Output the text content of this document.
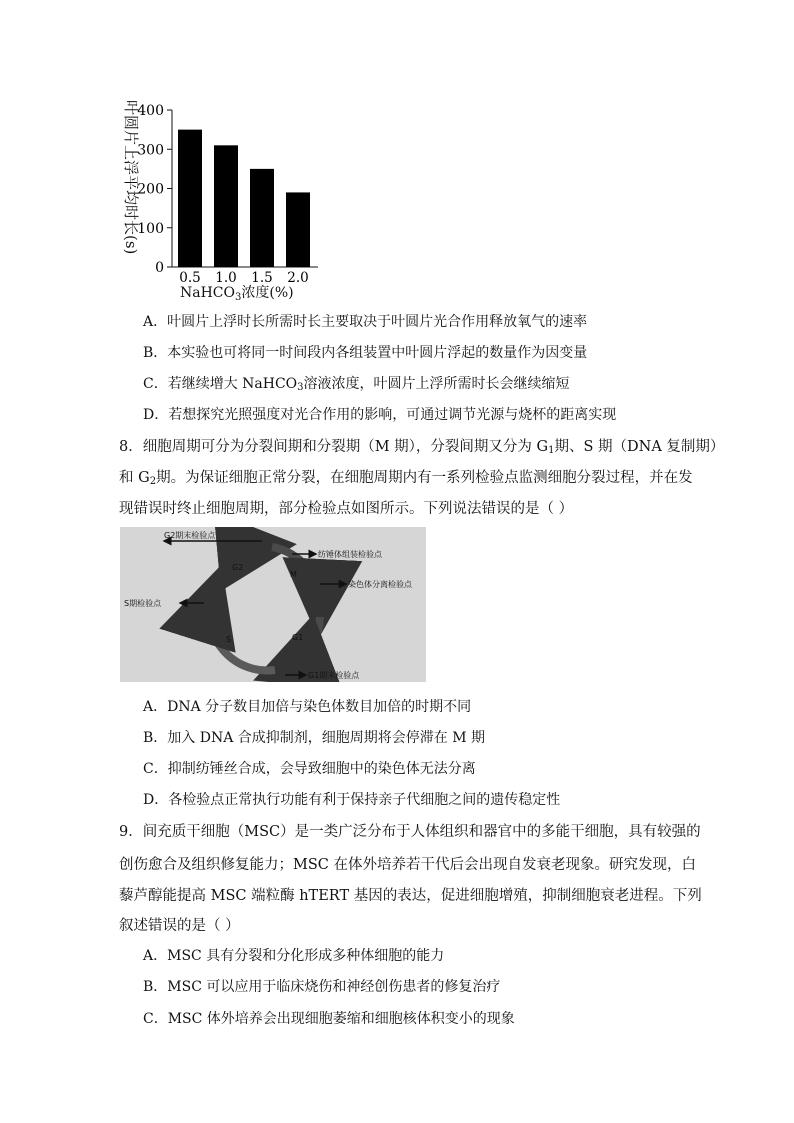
叶圆片上浮平均时长(s)
0
100
200
300
400
0.5 1.0 1.5 2.0
NaHCO$_3$浓度(%)
A．叶圆片上浮时长所需时长主要取决于叶圆片光合作用释放氧气的速率
B．本实验也可将同一时间段内各组装置中叶圆片浮起的数量作为因变量
C．若继续增大 NaHCO$_3$溶液浓度，叶圆片上浮所需时长会继续缩短
D．若想探究光照强度对光合作用的影响，可通过调节光源与烧杯的距离实现
8．细胞周期可分为分裂间期和分裂期（M 期），分裂间期又分为 $G_1$期、S 期（DNA 复制期）
和 $G_2$期。为保证细胞正常分裂，在细胞周期内有一系列检验点监测细胞分裂过程，并在发
现错误时终止细胞周期，部分检验点如图所示。下列说法错误的是（ ）
G2期末检验点
纺锤体组装检验点
染色体分离检验点
S期检验点
G1期末检验点
G2
M
S	G1
A．DNA 分子数目加倍与染色体数目加倍的时期不同
B．加入 DNA 合成抑制剂，细胞周期将会停滞在 M 期
C．抑制纺锤丝合成，会导致细胞中的染色体无法分离
D．各检验点正常执行功能有利于保持亲子代细胞之间的遗传稳定性
9．间充质干细胞（MSC）是一类广泛分布于人体组织和器官中的多能干细胞，具有较强的
创伤愈合及组织修复能力；MSC 在体外培养若干代后会出现自发衰老现象。研究发现，白
藜芦醇能提高 MSC 端粒酶 hTERT 基因的表达，促进细胞增殖，抑制细胞衰老进程。下列
叙述错误的是（ ）
A．MSC 具有分裂和分化形成多种体细胞的能力
B．MSC 可以应用于临床烧伤和神经创伤患者的修复治疗
C．MSC 体外培养会出现细胞萎缩和细胞核体积变小的现象
